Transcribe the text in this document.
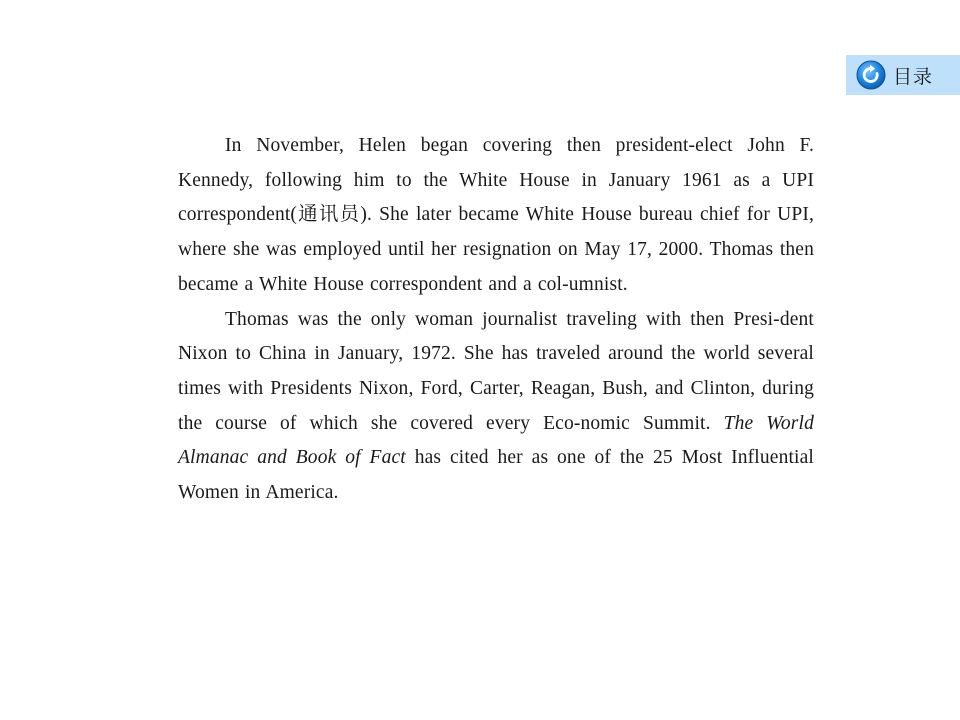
目录

In November, Helen began covering then president-elect John F. Kennedy, following him to the White House in January 1961 as a UPI correspondent(通讯员). She later became White House bureau chief for UPI, where she was employed until her resignation on May 17, 2000. Thomas then became a White House correspondent and a col-umnist.

Thomas was the only woman journalist traveling with then Presi-dent Nixon to China in January, 1972. She has traveled around the world several times with Presidents Nixon, Ford, Carter, Reagan, Bush, and Clinton, during the course of which she covered every Eco-nomic Summit. The World Almanac and Book of Fact has cited her as one of the 25 Most Influential Women in America.
